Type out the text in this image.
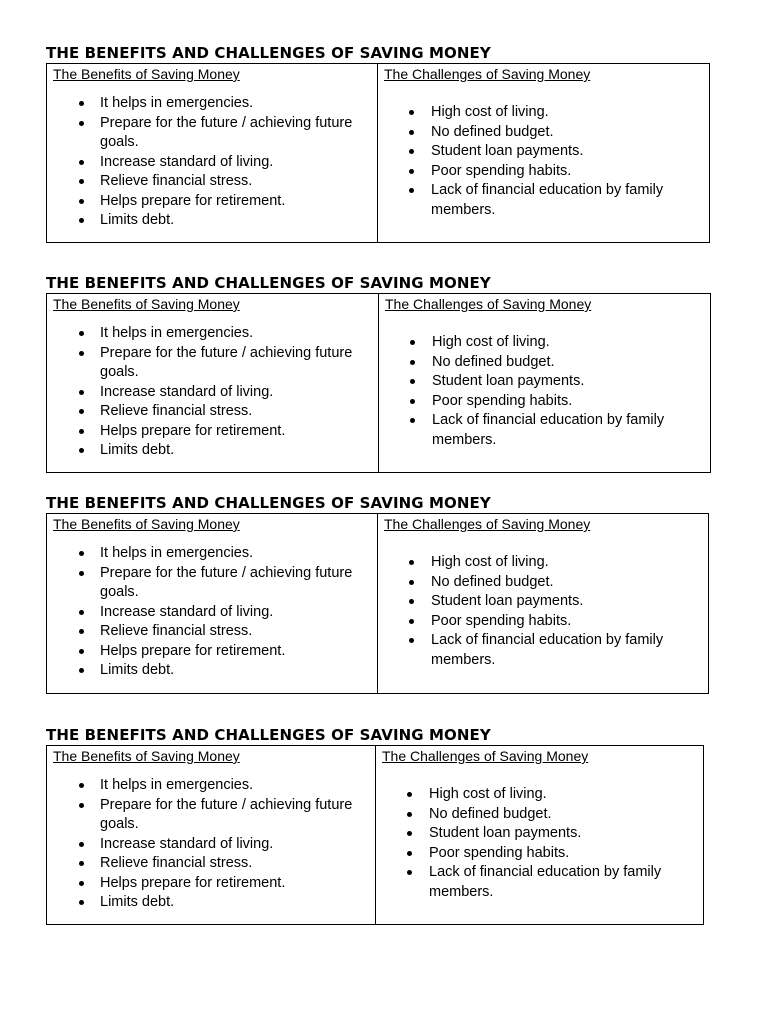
THE BENEFITS AND CHALLENGES OF SAVING MONEY

The Benefits of Saving Money

It helps in emergencies.
Prepare for the future / achieving future goals.
Increase standard of living.
Relieve financial stress.
Helps prepare for retirement.
Limits debt.

The Challenges of Saving Money

High cost of living.
No defined budget.
Student loan payments.
Poor spending habits.
Lack of financial education by family members.
THE BENEFITS AND CHALLENGES OF SAVING MONEY

The Benefits of Saving Money

It helps in emergencies.
Prepare for the future / achieving future goals.
Increase standard of living.
Relieve financial stress.
Helps prepare for retirement.
Limits debt.

The Challenges of Saving Money

High cost of living.
No defined budget.
Student loan payments.
Poor spending habits.
Lack of financial education by family members.
THE BENEFITS AND CHALLENGES OF SAVING MONEY

The Benefits of Saving Money

It helps in emergencies.
Prepare for the future / achieving future goals.
Increase standard of living.
Relieve financial stress.
Helps prepare for retirement.
Limits debt.

The Challenges of Saving Money

High cost of living.
No defined budget.
Student loan payments.
Poor spending habits.
Lack of financial education by family members.
THE BENEFITS AND CHALLENGES OF SAVING MONEY

The Benefits of Saving Money

It helps in emergencies.
Prepare for the future / achieving future goals.
Increase standard of living.
Relieve financial stress.
Helps prepare for retirement.
Limits debt.

The Challenges of Saving Money

High cost of living.
No defined budget.
Student loan payments.
Poor spending habits.
Lack of financial education by family members.
